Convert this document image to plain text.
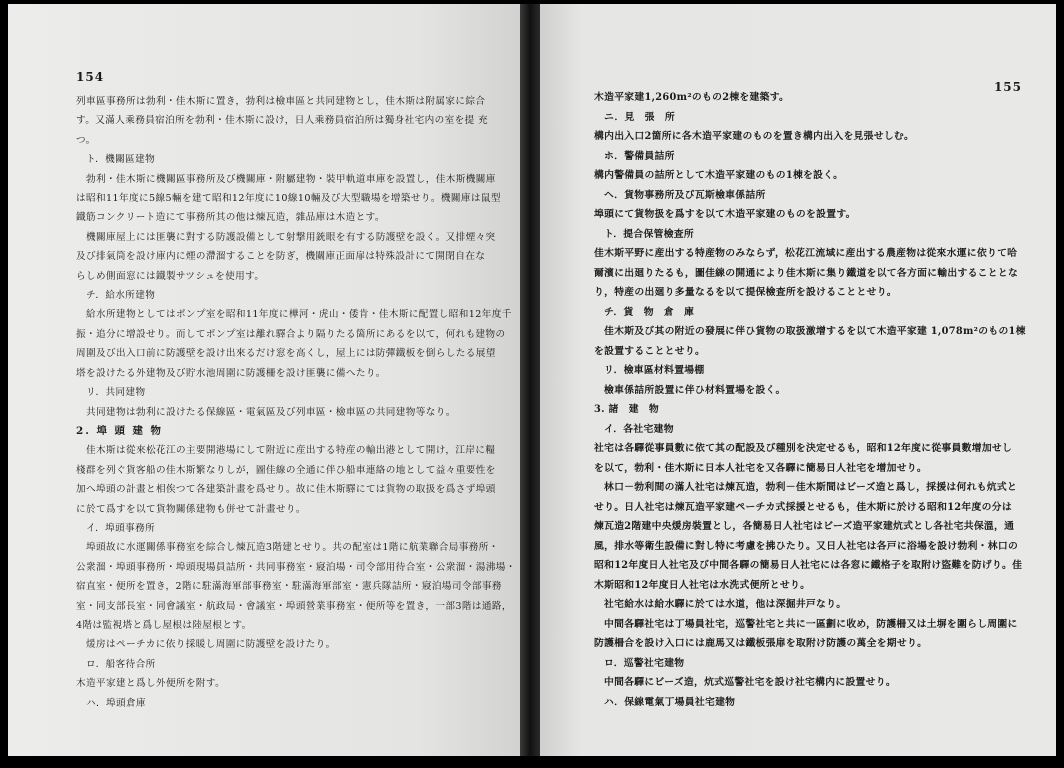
154
列車區事務所は勃利・佳木斯に置き，勃利は檢車區と共同建物とし，佳木斯は附属家に綜合
す。又滿人乘務員宿泊所を勃利・佳木斯に設け，日人乘務員宿泊所は獨身社宅内の室を提 充
つ。
ト．機關區建物
勃利・佳木斯に機關區事務所及び機關庫・附屬建物・裝甲軌道車庫を設置し，佳木斯機關庫
は昭和11年度に5線5輛を建て昭和12年度に10線10輛及び大型職場を增築せり。機關庫は鼠型
鐵筋コンクリート造にて事務所其の他は煉瓦造，雜品庫は木造とす。
機關庫屋上には匪襲に對する防護設備として射撃用銃眼を有する防護壁を設く。又排煙々突
及び排氣筒を設け庫内に煙の滯溜することを防ぎ，機關庫正面扉は特殊設計にて開閉自在な
らしめ側面窓には鐵製サツシュを使用す。
チ．給水所建物
給水所建物としてはポンプ室を昭和11年度に樺河・虎山・倭肯・佳木斯に配置し昭和12年度千
振・追分に增設せり。而してポンプ室は離れ驛合より隔りたる箇所にあるを以て，何れも建物の
周圍及び出入口前に防護壁を設け出來るだけ窓を高くし，屋上には防彈鐵板を倒らしたる展望
塔を設けたる外建物及び貯水池周圍に防護柵を設け匪襲に備へたり。
リ．共同建物
共同建物は勃利に設けたる保線區・電氣區及び列車區・檢車區の共同建物等なり。
2. 埠 頭 建 物
佳木斯は從來松花江の主要開港場にして附近に産出する特産の輸出港として開け，江岸に糧
棧群を列ぐ貨客船の佳木斯繁なりしが，圖佳線の全通に伴ひ船車連絡の地として益々重要性を
加へ埠頭の計畫と相俟つて各建築計畫を爲せり。故に佳木斯驛にては貨物の取扱を爲さず埠頭
に於て爲すを以て貨物關係建物も併せて計畫せり。
イ．埠頭事務所
埠頭故に水運關係事務室を綜合し煉瓦造3階建とせり。共の配室は1階に航業聯合局事務所・
公衆溜・埠頭事務所・埠頭現場員詰所・共同事務室・寢泊場・司令部用待合室・公衆溜・湯沸場・
宿直室・便所を置き，2階に駐滿海軍部事務室・駐滿海軍部室・憲兵隊詰所・寢泊場司令部事務
室・同支部長室・同會議室・航政局・會議室・埠頭營業事務室・便所等を置き，一部3階は通路，
4階は監視塔と爲し屋根は陸屋根とす。
煖房はペーチカに依り採暖し周圍に防護壁を設けたり。
ロ．船客待合所
木造平家建と爲し外便所を附す。
ハ．埠頭倉庫
155
木造平家建1,260m²のもの2棟を建築す。
ニ．見　張　所
構内出入口2箇所に各木造平家建のものを置き構内出入を見張せしむ。
ホ．警備員詰所
構内警備員の詰所として木造平家建のもの1棟を設く。
ヘ．貨物事務所及び瓦斯檢車係詰所
埠頭にて貨物扱を爲すを以て木造平家建のものを設置す。
ト．提合保管檢査所
佳木斯平野に産出する特産物のみならず，松花江流域に産出する農産物は從來水運に依りて哈
爾濱に出廻りたるも，圖佳線の開通により佳木斯に集り鐵道を以て各方面に輸出することとな
り，特産の出廻り多量なるを以て提保檢査所を設けることとせり。
チ．貨　物　倉　庫
佳木斯及び其の附近の發展に伴ひ貨物の取扱激增するを以て木造平家建 1,078m²のもの1棟
を設置することとせり。
リ．檢車區材料置場棚
檢車係詰所設置に伴ひ材料置場を設く。
3. 諸　建　物
イ．各社宅建物
社宅は各驛從事員數に依て其の配設及び種別を決定せるも，昭和12年度に從事員數增加せし
を以て，勃利・佳木斯に日本人社宅を又各驛に簡易日人社宅を增加せり。
林口－勃利間の滿人社宅は煉瓦造，勃利－佳木斯間はビーズ造と爲し，採援は何れも炕式と
せり。日人社宅は煉瓦造平家建ペーチカ式採援とせるも，佳木斯に於ける昭和12年度の分は
煉瓦造2階建中央煖房裝置とし，各簡易日人社宅はビーズ造平家建炕式とし各社宅共保溫，通
風，排水等衛生設備に對し特に考慮を拂ひたり。又日人社宅は各戸に浴場を設け勃利・林口の
昭和12年度日人社宅及び中間各驛の簡易日人社宅には各窓に鐵格子を取附け盜難を防げり。佳
木斯昭和12年度日人社宅は水洗式便所とせり。
社宅給水は給水驛に於ては水道，他は深掘井戸なり。
中間各驛社宅は丁場員社宅，巡警社宅と共に一區劃に收め，防護柵又は土塀を圍らし周圍に
防護柵合を設け入口には鹿馬又は鐵板張扉を取附け防護の萬全を期せり。
ロ．巡警社宅建物
中間各驛にビーズ造，炕式巡警社宅を設け社宅構内に設置せり。
ハ．保線電氣丁場員社宅建物
